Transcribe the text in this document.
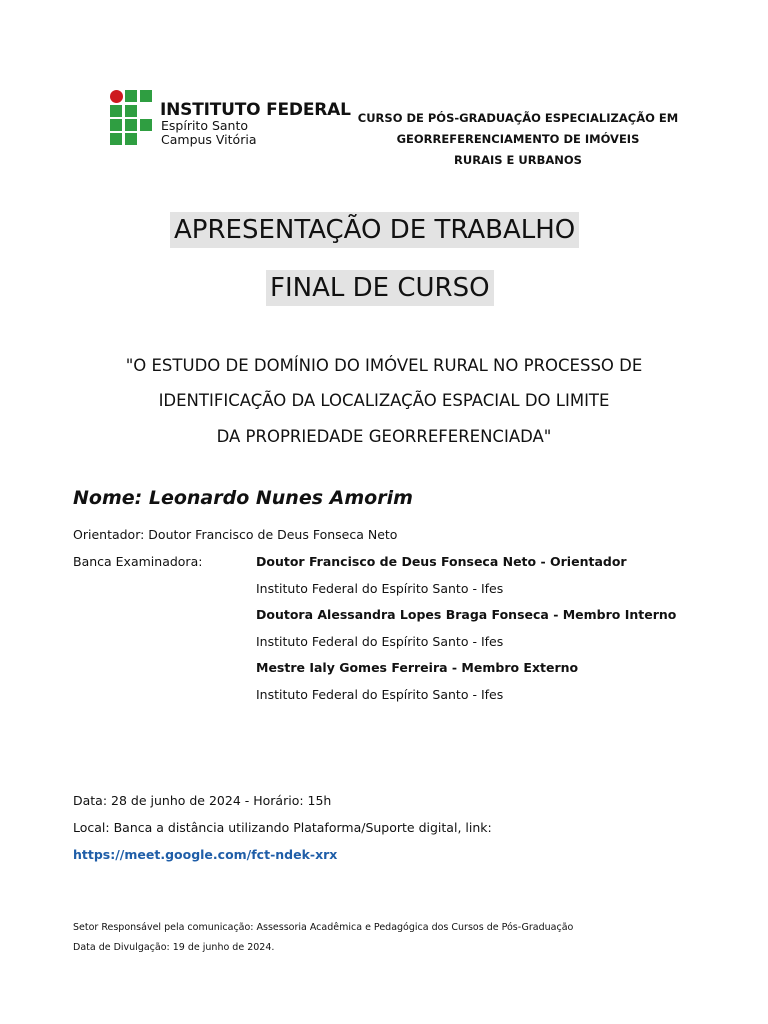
INSTITUTO FEDERAL
Espírito Santo
Campus Vitória
CURSO DE PÓS-GRADUAÇÃO ESPECIALIZAÇÃO EM
GEORREFERENCIAMENTO DE IMÓVEIS
RURAIS E URBANOS
APRESENTAÇÃO DE TRABALHO
FINAL DE CURSO
"O ESTUDO DE DOMÍNIO DO IMÓVEL RURAL NO PROCESSO DE
IDENTIFICAÇÃO DA LOCALIZAÇÃO ESPACIAL DO LIMITE
DA PROPRIEDADE GEORREFERENCIADA"
Nome: Leonardo Nunes Amorim
Orientador: Doutor Francisco de Deus Fonseca Neto
Banca Examinadora:	Doutor Francisco de Deus Fonseca Neto - Orientador
Instituto Federal do Espírito Santo - Ifes
Doutora Alessandra Lopes Braga Fonseca - Membro Interno
Instituto Federal do Espírito Santo - Ifes
Mestre Ialy Gomes Ferreira - Membro Externo
Instituto Federal do Espírito Santo - Ifes
Data: 28 de junho de 2024 - Horário: 15h
Local: Banca a distância utilizando Plataforma/Suporte digital, link:
https://meet.google.com/fct-ndek-xrx
Setor Responsável pela comunicação: Assessoria Acadêmica e Pedagógica dos Cursos de Pós-Graduação
Data de Divulgação: 19 de junho de 2024.
